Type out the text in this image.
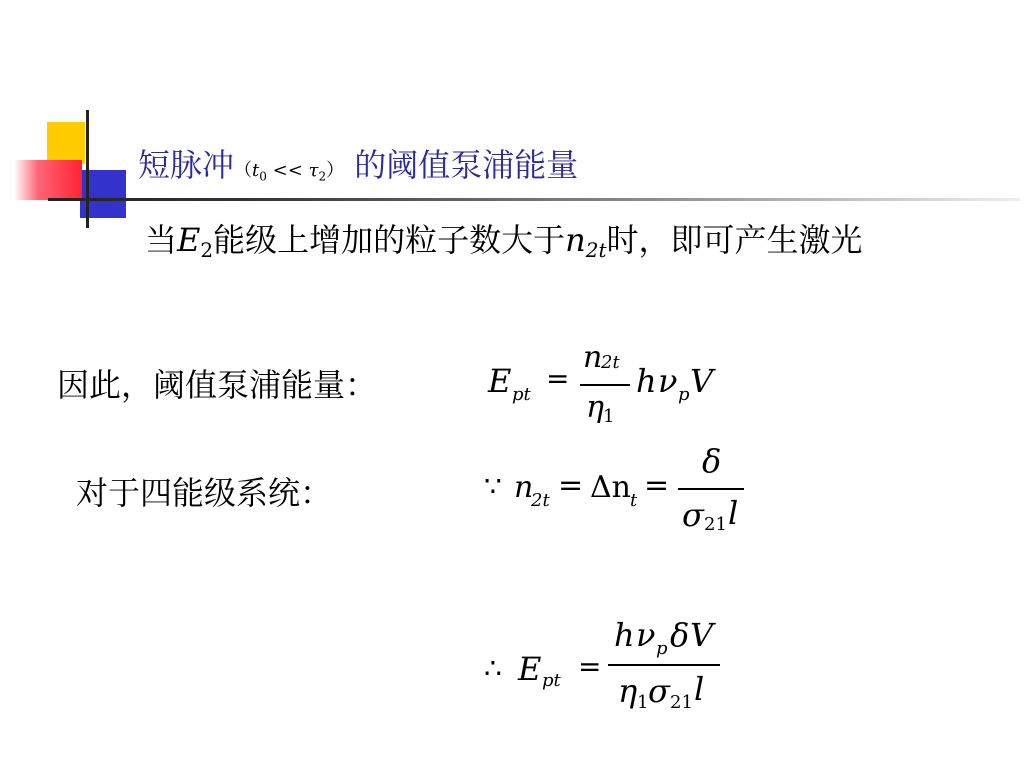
短脉冲$(t_0 << \tau_2)$ 的阈值泵浦能量
当$E_2$能级上增加的粒子数大于$n_{2t}$时，即可产生激光
因此，阈值泵浦能量：	E pt =
n
2t
η 1
h ν p V
对于四能级系统：	∵ n
2t = Δn t =
δ
σ 21 l
∴ E pt =
h ν p δ V
η 1 σ 21 l
